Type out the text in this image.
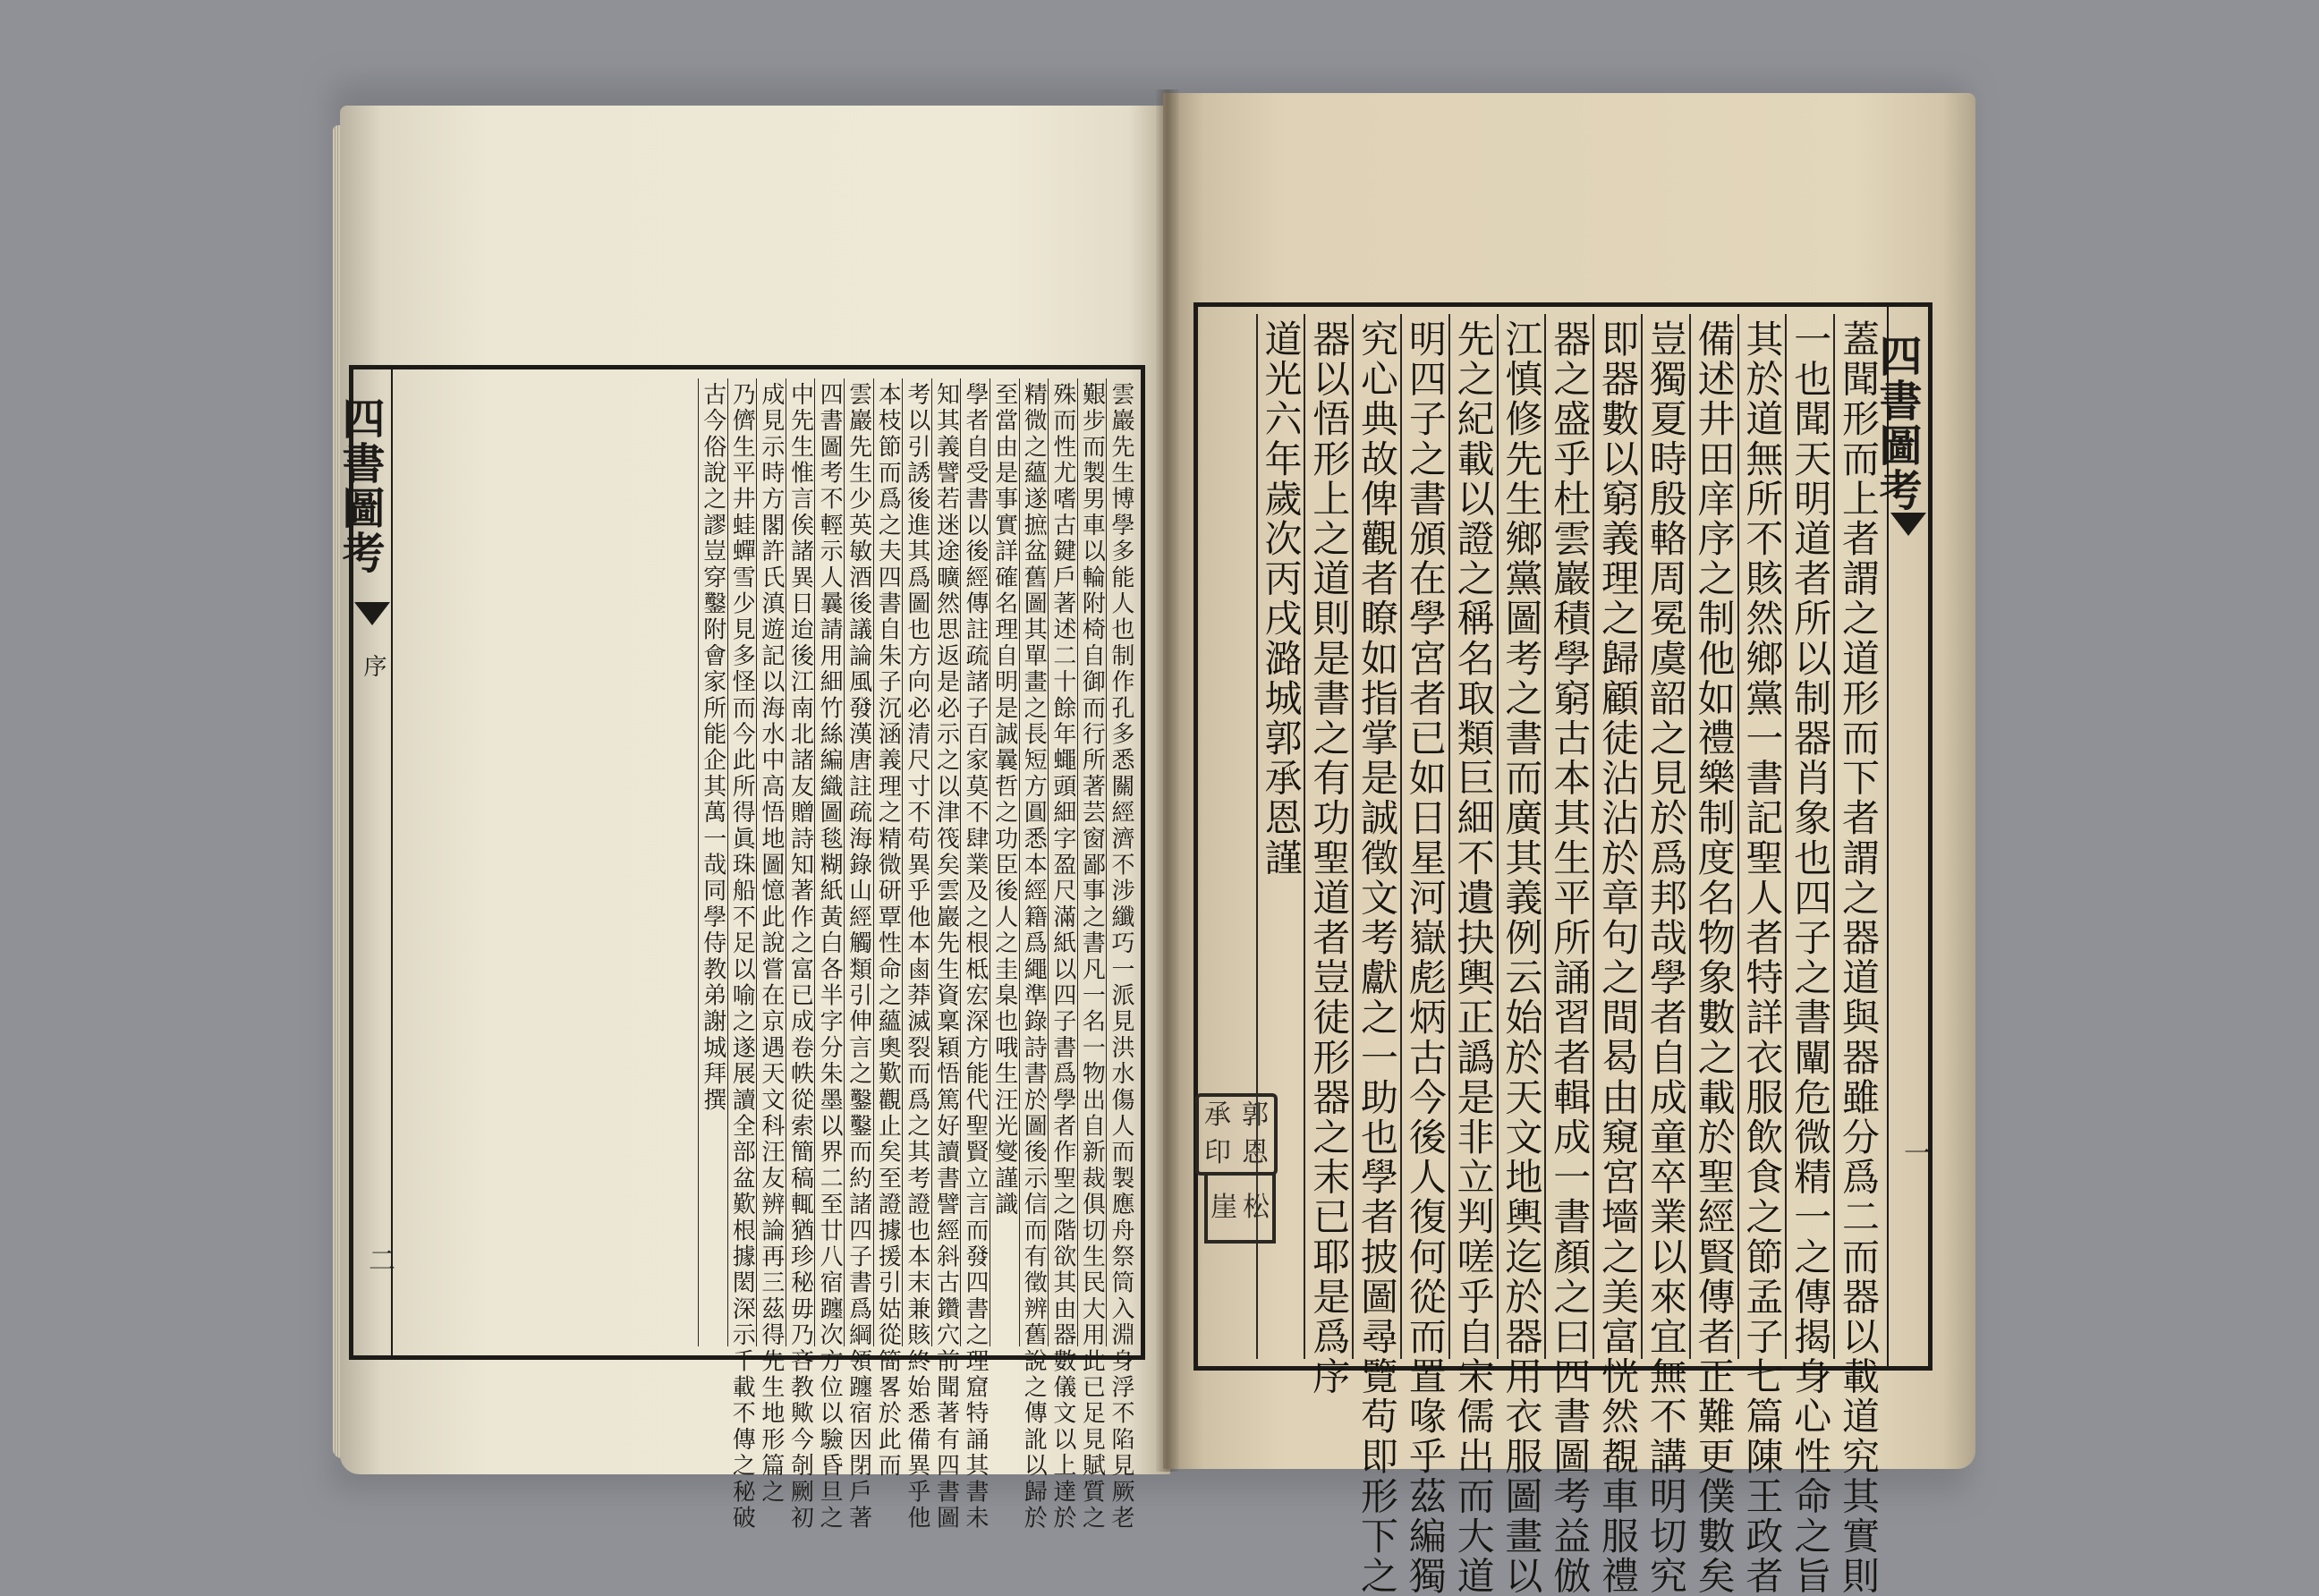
四書圖考
序
二	雲巖先生博學多能人也制作孔多悉關經濟不涉纖巧一派見洪水傷人而製應舟祭筒入淵身浮不陷見厥老
艱步而製男車以輪附椅自御而行所著芸窗鄙事之書凡一名一物出自新裁俱切生民大用此已足見賦質之
殊而性尤嗜古鍵戶著述二十餘年蠅頭細字盈尺滿紙以四子書爲學者作聖之階欲其由器數儀文以上達於
精微之蘊遂摭盆舊圖其單畫之長短方圓悉本經籍爲繩準錄詩書於圖後示信而有徵辨舊說之傳訛以歸於
至當由是事實詳確名理自明是誠曩哲之功臣後人之圭臬也哦生汪光燮謹識
學者自受書以後經傳註疏諸子百家莫不肆業及之根柢宏深方能代聖賢立言而發四書之理窟特誦其書未
知其義譬若迷途曠然思返是必示之以津筏矣雲巖先生資稟穎悟篤好讀書譬經斜古鑽穴前聞著有四書圖
考以引誘後進其爲圖也方向必清尺寸不苟異乎他本鹵莽滅裂而爲之其考證也本末兼賅終始悉備異乎他
本枝節而爲之夫四書自朱子沉涵義理之精微研覃性命之蘊奧歎觀止矣至證據援引姑從簡畧於此而
雲巖先生少英敏酒後議論風發漢唐註疏海錄山經觸類引伸言之鑿鑿而約諸四子書爲綱領躔宿因閉戶著
四書圖考不輕示人曩請用細竹絲編織圖毯糊紙黃白各半字分朱墨以界二至廿八宿躔次方位以驗昏旦之
中先生惟言俟諸異日迨後江南北諸友贈詩知著作之富已成卷帙從索簡稿輒猶珍秘毋乃吝教歟今剞劂初
成見示時方閣許氏滇遊記以海水中高悟地圖憶此說嘗在京遇天文科汪友辨論再三茲得先生地形篇之
乃儕生平井蛙蟬雪少見多怪而今此所得眞珠船不足以喻之遂展讀全部盆歎根據閎深示千載不傳之秘破
古今俗說之謬豈穿鑿附會家所能企其萬一哉同學侍教弟謝城拜撰	四書圖考
一
蓋聞形而上者謂之道形而下者謂之器道與器雖分爲二而器以載道究其實則
一也聞天明道者所以制器肖象也四子之書闡危微精一之傳揭身心性命之旨
其於道無所不賅然鄉黨一書記聖人者特詳衣服飲食之節孟子七篇陳王政者
備述井田庠序之制他如禮樂制度名物象數之載於聖經賢傳者正難更僕數矣
豈獨夏時殷輅周冕虞韶之見於爲邦哉學者自成童卒業以來宜無不講明切究
即器數以窮義理之歸顧徒沾沾於章句之間曷由窺宮墻之美富恍然覩車服禮
器之盛乎杜雲巖積學窮古本其生平所誦習者輯成一書顏之曰四書圖考益倣
江慎修先生鄉黨圖考之書而廣其義例云始於天文地輿迄於器用衣服圖畫以
先之紀載以證之稱名取類巨細不遺抉輿正譌是非立判嗟乎自宋儒出而大道
明四子之書頒在學宮者已如日星河嶽彪炳古今後人復何從而置喙乎茲編獨
究心典故俾觀者瞭如指掌是誠徵文考獻之一助也學者披圖尋覽苟即形下之
器以悟形上之道則是書之有功聖道者豈徒形器之末已耶是爲序
道光六年歲次丙戌潞城郭承恩謹
承 郭
印 恩
崖 松
